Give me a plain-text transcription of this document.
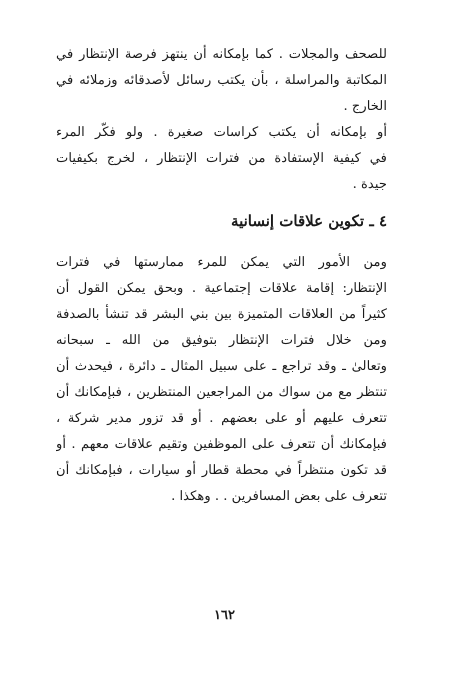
للصحف والمجلات . كما بإمكانه أن ينتهز فرصة الإنتظار في
المكاتبة والمراسلة ، بأن يكتب رسائل لأصدقائه وزملائه في
الخارج .

أو بإمكانه أن يكتب كراسات صغيرة . ولو فكّر المرء
في كيفية الإستفادة من فترات الإنتظار ، لخرج بكيفيات
جيدة .

٤ ـ تكوين علاقات إنسانية

ومن الأمور التي يمكن للمرء ممارستها في فترات
الإنتظار: إقامة علاقات إجتماعية . وبحق يمكن القول أن
كثيراً من العلاقات المتميزة بين بني البشر قد تنشأ بالصدفة
ومن خلال فترات الإنتظار بتوفيق من الله ـ سبحانه
وتعالىٰ ـ وقد تراجع ـ على سبيل المثال ـ دائرة ، فيحدث أن
تنتظر مع من سواك من المراجعين المنتظرين ، فبإمكانك أن
تتعرف عليهم أو على بعضهم . أو قد تزور مدير شركة ،
فبإمكانك أن تتعرف على الموظفين وتقيم علاقات معهم . أو
قد تكون منتظراً في محطة قطار أو سيارات ، فبإمكانك أن
تتعرف على بعض المسافرين . . وهكذا .

١٦٢
